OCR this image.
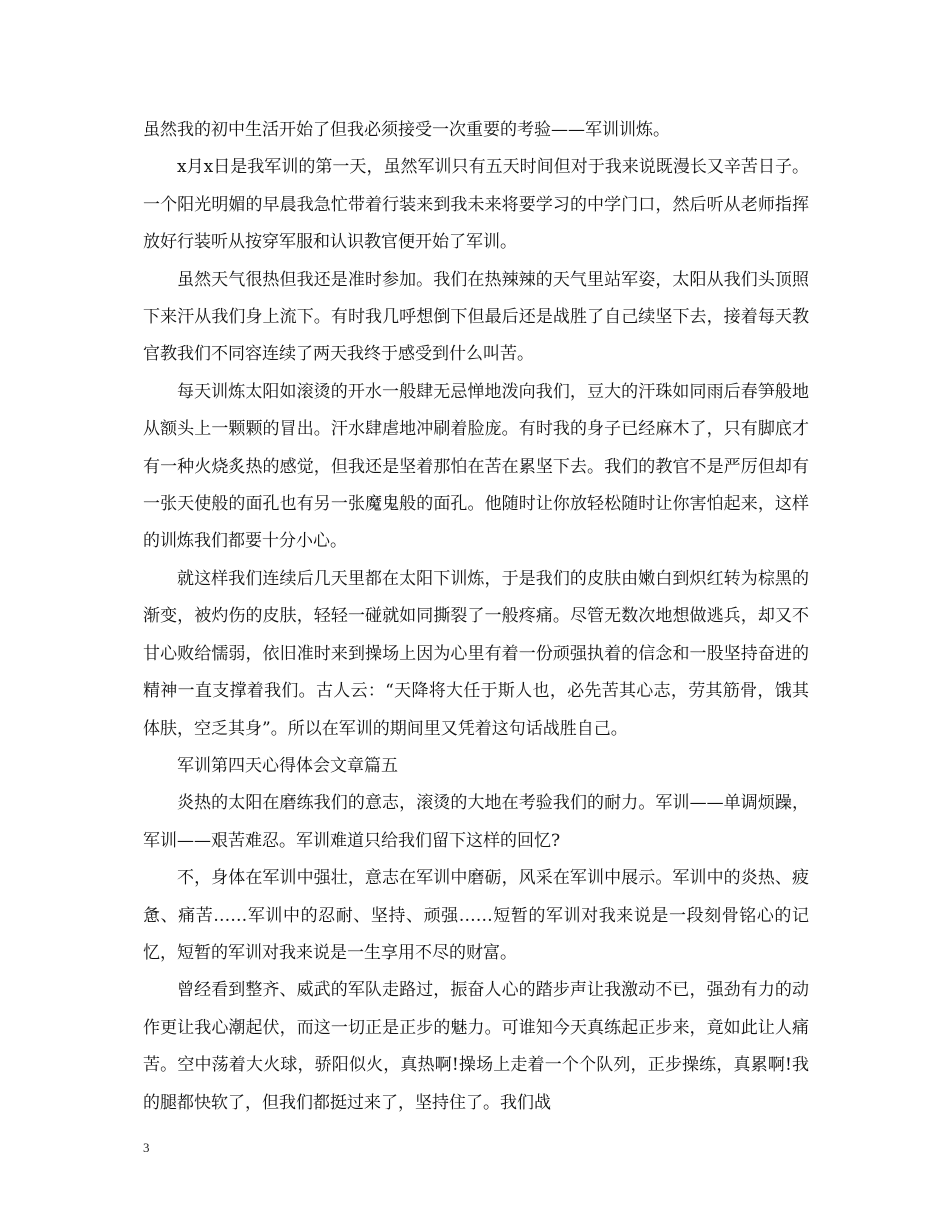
虽然我的初中生活开始了但我必须接受一次重要的考验——军训训炼。

x月x日是我军训的第一天，虽然军训只有五天时间但对于我来说既漫长又辛苦日子。一个阳光明媚的早晨我急忙带着行装来到我未来将要学习的中学门口，然后听从老师指挥放好行装听从按穿军服和认识教官便开始了军训。

虽然天气很热但我还是准时参加。我们在热辣辣的天气里站军姿，太阳从我们头顶照下来汗从我们身上流下。有时我几呼想倒下但最后还是战胜了自己续坚下去，接着每天教官教我们不同容连续了两天我终于感受到什么叫苦。

每天训炼太阳如滚烫的开水一般肆无忌惮地泼向我们，豆大的汗珠如同雨后春笋般地从额头上一颗颗的冒出。汗水肆虐地冲刷着脸庞。有时我的身子已经麻木了，只有脚底才有一种火烧炙热的感觉，但我还是坚着那怕在苦在累坚下去。我们的教官不是严厉但却有一张天使般的面孔也有另一张魔鬼般的面孔。他随时让你放轻松随时让你害怕起来，这样的训炼我们都要十分小心。

就这样我们连续后几天里都在太阳下训炼，于是我们的皮肤由嫩白到炽红转为棕黑的渐变，被灼伤的皮肤，轻轻一碰就如同撕裂了一般疼痛。尽管无数次地想做逃兵，却又不甘心败给懦弱，依旧准时来到操场上因为心里有着一份顽强执着的信念和一股坚持奋进的精神一直支撑着我们。古人云：“天降将大任于斯人也，必先苦其心志，劳其筋骨，饿其体肤，空乏其身”。所以在军训的期间里又凭着这句话战胜自己。

军训第四天心得体会文章篇五

炎热的太阳在磨练我们的意志，滚烫的大地在考验我们的耐力。军训——单调烦躁，军训——艰苦难忍。军训难道只给我们留下这样的回忆?

不，身体在军训中强壮，意志在军训中磨砺，风采在军训中展示。军训中的炎热、疲惫、痛苦……军训中的忍耐、坚持、顽强……短暂的军训对我来说是一段刻骨铭心的记忆，短暂的军训对我来说是一生享用不尽的财富。

曾经看到整齐、威武的军队走路过，振奋人心的踏步声让我激动不已，强劲有力的动作更让我心潮起伏，而这一切正是正步的魅力。可谁知今天真练起正步来，竟如此让人痛苦。空中荡着大火球，骄阳似火，真热啊!操场上走着一个个队列，正步操练，真累啊!我的腿都快软了，但我们都挺过来了，坚持住了。我们战

3
